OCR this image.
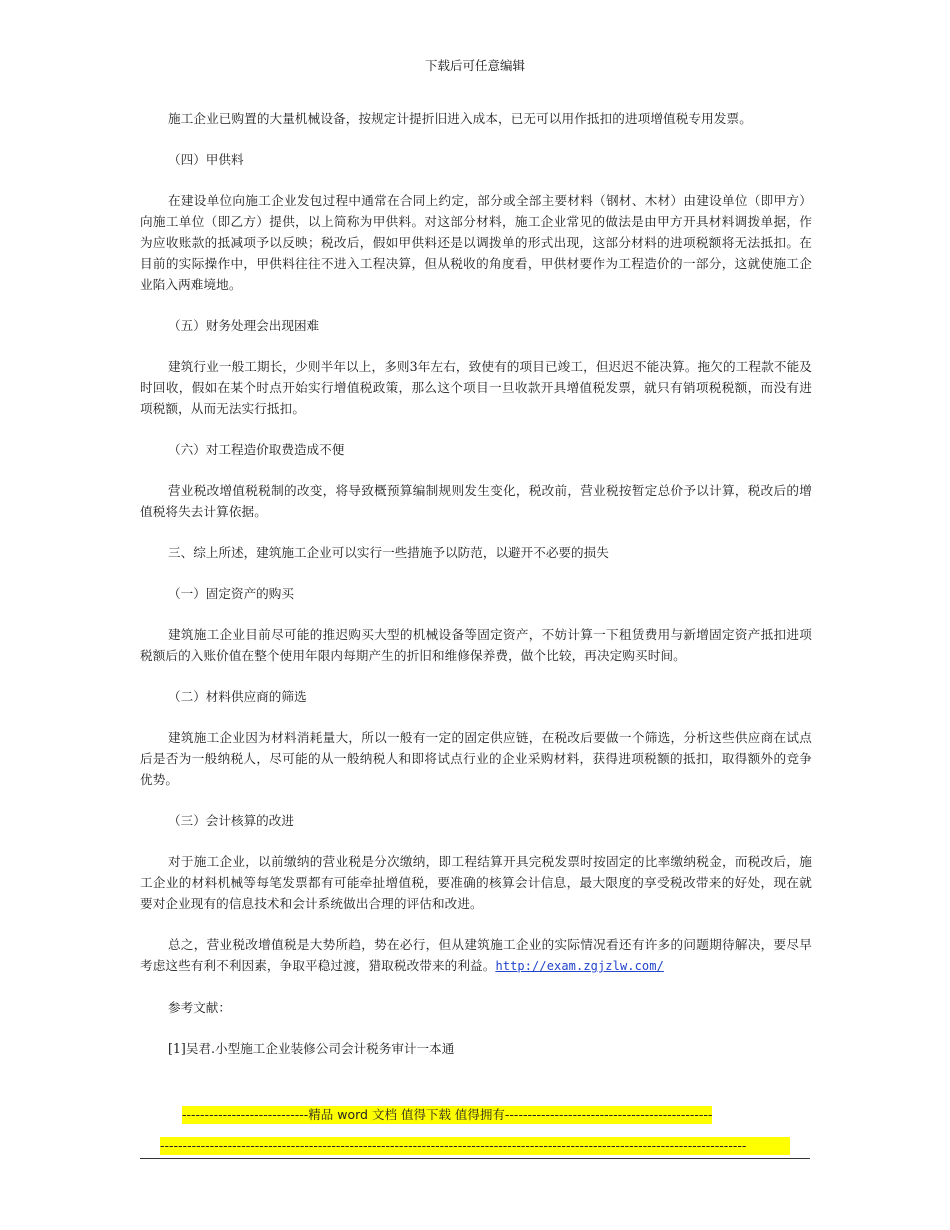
下载后可任意编辑

施工企业已购置的大量机械设备，按规定计提折旧进入成本，已无可以用作抵扣的进项增值税专用发票。

（四）甲供料

在建设单位向施工企业发包过程中通常在合同上约定，部分或全部主要材料（钢材、木材）由建设单位（即甲方）向施工单位（即乙方）提供，以上简称为甲供料。对这部分材料，施工企业常见的做法是由甲方开具材料调拨单据，作为应收账款的抵减项予以反映；税改后，假如甲供料还是以调拨单的形式出现，这部分材料的进项税额将无法抵扣。在目前的实际操作中，甲供料往往不进入工程决算，但从税收的角度看，甲供材要作为工程造价的一部分，这就使施工企业陷入两难境地。

（五）财务处理会出现困难

建筑行业一般工期长，少则半年以上，多则3年左右，致使有的项目已竣工，但迟迟不能决算。拖欠的工程款不能及时回收，假如在某个时点开始实行增值税政策，那么这个项目一旦收款开具增值税发票，就只有销项税税额，而没有进项税额，从而无法实行抵扣。

（六）对工程造价取费造成不便

营业税改增值税税制的改变，将导致概预算编制规则发生变化，税改前，营业税按暂定总价予以计算，税改后的增值税将失去计算依据。

三、综上所述，建筑施工企业可以实行一些措施予以防范，以避开不必要的损失

（一）固定资产的购买

建筑施工企业目前尽可能的推迟购买大型的机械设备等固定资产，不妨计算一下租赁费用与新增固定资产抵扣进项税额后的入账价值在整个使用年限内每期产生的折旧和维修保养费，做个比较，再决定购买时间。

（二）材料供应商的筛选

建筑施工企业因为材料消耗量大，所以一般有一定的固定供应链，在税改后要做一个筛选，分析这些供应商在试点后是否为一般纳税人，尽可能的从一般纳税人和即将试点行业的企业采购材料，获得进项税额的抵扣，取得额外的竞争优势。

（三）会计核算的改进

对于施工企业，以前缴纳的营业税是分次缴纳，即工程结算开具完税发票时按固定的比率缴纳税金，而税改后，施工企业的材料机械等每笔发票都有可能牵扯增值税，要准确的核算会计信息，最大限度的享受税改带来的好处，现在就要对企业现有的信息技术和会计系统做出合理的评估和改进。

总之，营业税改增值税是大势所趋，势在必行，但从建筑施工企业的实际情况看还有许多的问题期待解决，要尽早考虑这些有利不利因素，争取平稳过渡，猎取税改带来的利益。http://exam.zgjzlw.com/

参考文献：

[1]吴君.小型施工企业装修公司会计税务审计一本通

----------------------------精品 word 文档 值得下载 值得拥有----------------------------------------------
----------------------------------------------------------------------------------------------------------------------------------
